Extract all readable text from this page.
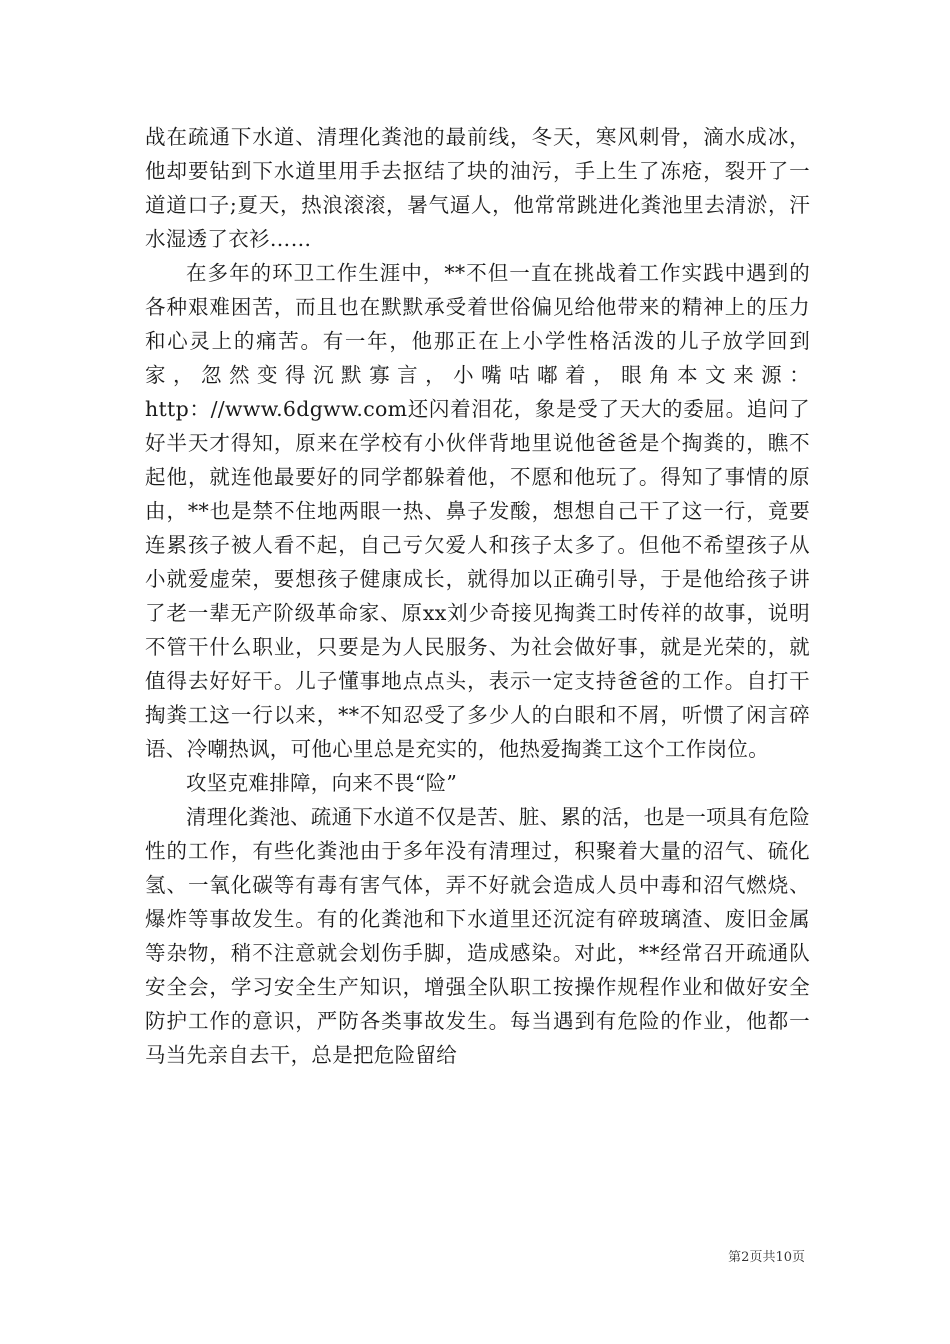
战在疏通下水道、清理化粪池的最前线，冬天，寒风刺骨，滴水成冰，他却要钻到下水道里用手去抠结了块的油污，手上生了冻疮，裂开了一道道口子;夏天，热浪滚滚，暑气逼人，他常常跳进化粪池里去清淤，汗水湿透了衣衫……

在多年的环卫工作生涯中，**不但一直在挑战着工作实践中遇到的各种艰难困苦，而且也在默默承受着世俗偏见给他带来的精神上的压力和心灵上的痛苦。有一年，他那正在上小学性格活泼的儿子放学回到家，忽然变得沉默寡言，小嘴咕嘟着，眼角本文来源：http：//www.6dgww.com还闪着泪花，象是受了天大的委屈。追问了好半天才得知，原来在学校有小伙伴背地里说他爸爸是个掏粪的，瞧不起他，就连他最要好的同学都躲着他，不愿和他玩了。得知了事情的原由，**也是禁不住地两眼一热、鼻子发酸，想想自己干了这一行，竟要连累孩子被人看不起，自己亏欠爱人和孩子太多了。但他不希望孩子从小就爱虚荣，要想孩子健康成长，就得加以正确引导，于是他给孩子讲了老一辈无产阶级革命家、原xx刘少奇接见掏粪工时传祥的故事，说明不管干什么职业，只要是为人民服务、为社会做好事，就是光荣的，就值得去好好干。儿子懂事地点点头，表示一定支持爸爸的工作。自打干掏粪工这一行以来，**不知忍受了多少人的白眼和不屑，听惯了闲言碎语、冷嘲热讽，可他心里总是充实的，他热爱掏粪工这个工作岗位。

攻坚克难排障，向来不畏“险”

清理化粪池、疏通下水道不仅是苦、脏、累的活，也是一项具有危险性的工作，有些化粪池由于多年没有清理过，积聚着大量的沼气、硫化氢、一氧化碳等有毒有害气体，弄不好就会造成人员中毒和沼气燃烧、爆炸等事故发生。有的化粪池和下水道里还沉淀有碎玻璃渣、废旧金属等杂物，稍不注意就会划伤手脚，造成感染。对此，**经常召开疏通队安全会，学习安全生产知识，增强全队职工按操作规程作业和做好安全防护工作的意识，严防各类事故发生。每当遇到有危险的作业，他都一马当先亲自去干，总是把危险留给

第2页共10页
